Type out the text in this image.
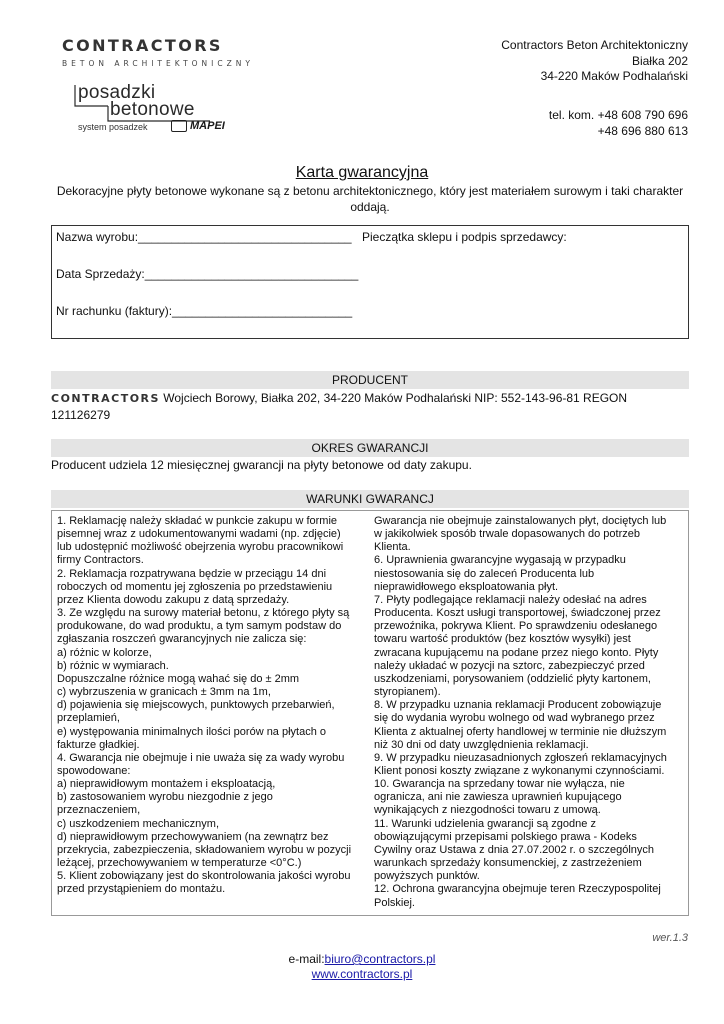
CONTRACTORS
BETON ARCHITEKTONICZNY
posadzki
betonowe
system posadzek	MAPEI
Contractors Beton Architektoniczny
Białka 202
34-220 Maków Podhalański
tel. kom. +48 608 790 696
+48 696 880 613
Karta gwarancyjna
Dekoracyjne płyty betonowe wykonane są z betonu architektonicznego, który jest materiałem surowym i taki charakter oddają.
Nazwa wyrobu:________________________________
Data Sprzedaży:________________________________
Nr rachunku (faktury):___________________________
Pieczątka sklepu i podpis sprzedawcy:
PRODUCENT
CONTRACTORS Wojciech Borowy, Białka 202, 34-220 Maków Podhalański NIP: 552-143-96-81 REGON
121126279
OKRES GWARANCJI
Producent udziela 12 miesięcznej gwarancji na płyty betonowe od daty zakupu.
WARUNKI GWARANCJ
1. Reklamację należy składać w punkcie zakupu w formie
pisemnej wraz z udokumentowanymi wadami (np. zdjęcie)
lub udostępnić możliwość obejrzenia wyrobu pracownikowi
firmy Contractors.
2. Reklamacja rozpatrywana będzie w przeciągu 14 dni
roboczych od momentu jej zgłoszenia po przedstawieniu
przez Klienta dowodu zakupu z datą sprzedaży.
3. Ze względu na surowy materiał betonu, z którego płyty są
produkowane, do wad produktu, a tym samym podstaw do
zgłaszania roszczeń gwarancyjnych nie zalicza się:
a) różnic w kolorze,
b) różnic w wymiarach.
Dopuszczalne różnice mogą wahać się do ± 2mm
c) wybrzuszenia w granicach ± 3mm na 1m,
d) pojawienia się miejscowych, punktowych przebarwień,
przeplamień,
e) występowania minimalnych ilości porów na płytach o
fakturze gładkiej.
4. Gwarancja nie obejmuje i nie uważa się za wady wyrobu
spowodowane:
a) nieprawidłowym montażem i eksploatacją,
b) zastosowaniem wyrobu niezgodnie z jego
przeznaczeniem,
c) uszkodzeniem mechanicznym,
d) nieprawidłowym przechowywaniem (na zewnątrz bez
przekrycia, zabezpieczenia, składowaniem wyrobu w pozycji
leżącej, przechowywaniem w temperaturze <0°C.)
5. Klient zobowiązany jest do skontrolowania jakości wyrobu
przed przystąpieniem do montażu.
Gwarancja nie obejmuje zainstalowanych płyt, dociętych lub
w jakikolwiek sposób trwale dopasowanych do potrzeb
Klienta.
6. Uprawnienia gwarancyjne wygasają w przypadku
niestosowania się do zaleceń Producenta lub
nieprawidłowego eksploatowania płyt.
7. Płyty podlegające reklamacji należy odesłać na adres
Producenta. Koszt usługi transportowej, świadczonej przez
przewoźnika, pokrywa Klient. Po sprawdzeniu odesłanego
towaru wartość produktów (bez kosztów wysyłki) jest
zwracana kupującemu na podane przez niego konto. Płyty
należy układać w pozycji na sztorc, zabezpieczyć przed
uszkodzeniami, porysowaniem (oddzielić płyty kartonem,
styropianem).
8. W przypadku uznania reklamacji Producent zobowiązuje
się do wydania wyrobu wolnego od wad wybranego przez
Klienta z aktualnej oferty handlowej w terminie nie dłuższym
niż 30 dni od daty uwzględnienia reklamacji.
9. W przypadku nieuzasadnionych zgłoszeń reklamacyjnych
Klient ponosi koszty związane z wykonanymi czynnościami.
10. Gwarancja na sprzedany towar nie wyłącza, nie
ogranicza, ani nie zawiesza uprawnień kupującego
wynikających z niezgodności towaru z umową.
11. Warunki udzielenia gwarancji są zgodne z
obowiązującymi przepisami polskiego prawa - Kodeks
Cywilny oraz Ustawa z dnia 27.07.2002 r. o szczególnych
warunkach sprzedaży konsumenckiej, z zastrzeżeniem
powyższych punktów.
12. Ochrona gwarancyjna obejmuje teren Rzeczypospolitej
Polskiej.
wer.1.3
e-mail:biuro@contractors.pl
www.contractors.pl
